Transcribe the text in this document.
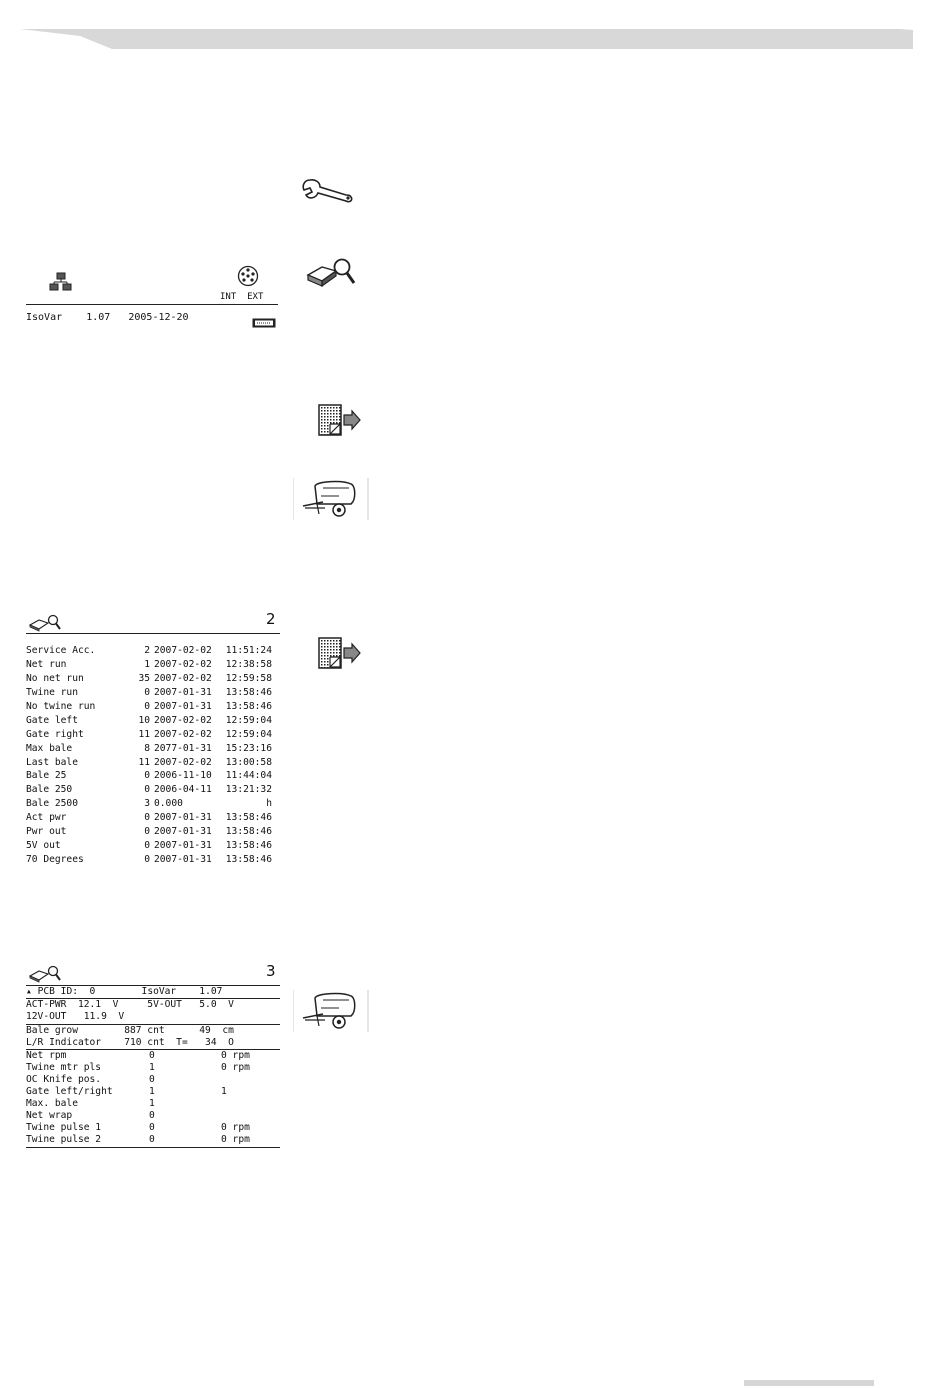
INT EXT
IsoVar 1.07 2005-12-20
2
Service Acc.	2	2007-02-02	11:51:24
Net run	1	2007-02-02	12:38:58
No net run	35	2007-02-02	12:59:58
Twine run	0	2007-01-31	13:58:46
No twine run	0	2007-01-31	13:58:46
Gate left	10	2007-02-02	12:59:04
Gate right	11	2007-02-02	12:59:04
Max bale	8	2077-01-31	15:23:16
Last bale	11	2007-02-02	13:00:58
Bale 25	0	2006-11-10	11:44:04
Bale 250	0	2006-04-11	13:21:32
Bale 2500	3	0.000	h
Act pwr	0	2007-01-31	13:58:46
Pwr out	0	2007-01-31	13:58:46
5V out	0	2007-01-31	13:58:46
70 Degrees	0	2007-01-31	13:58:46
3
▴ PCB ID:  0	IsoVar    1.07
ACT-PWR  12.1  V     5V-OUT   5.0  V
12V-OUT   11.9  V
Bale grow        887 cnt      49  cm
L/R Indicator    710 cnt  T=   34  O
Net rpm	0	0 rpm
Twine mtr pls	1	0 rpm
OC Knife pos.	0
Gate left/right	1	1
Max. bale	1
Net wrap	0
Twine pulse 1	0	0 rpm
Twine pulse 2	0	0 rpm
